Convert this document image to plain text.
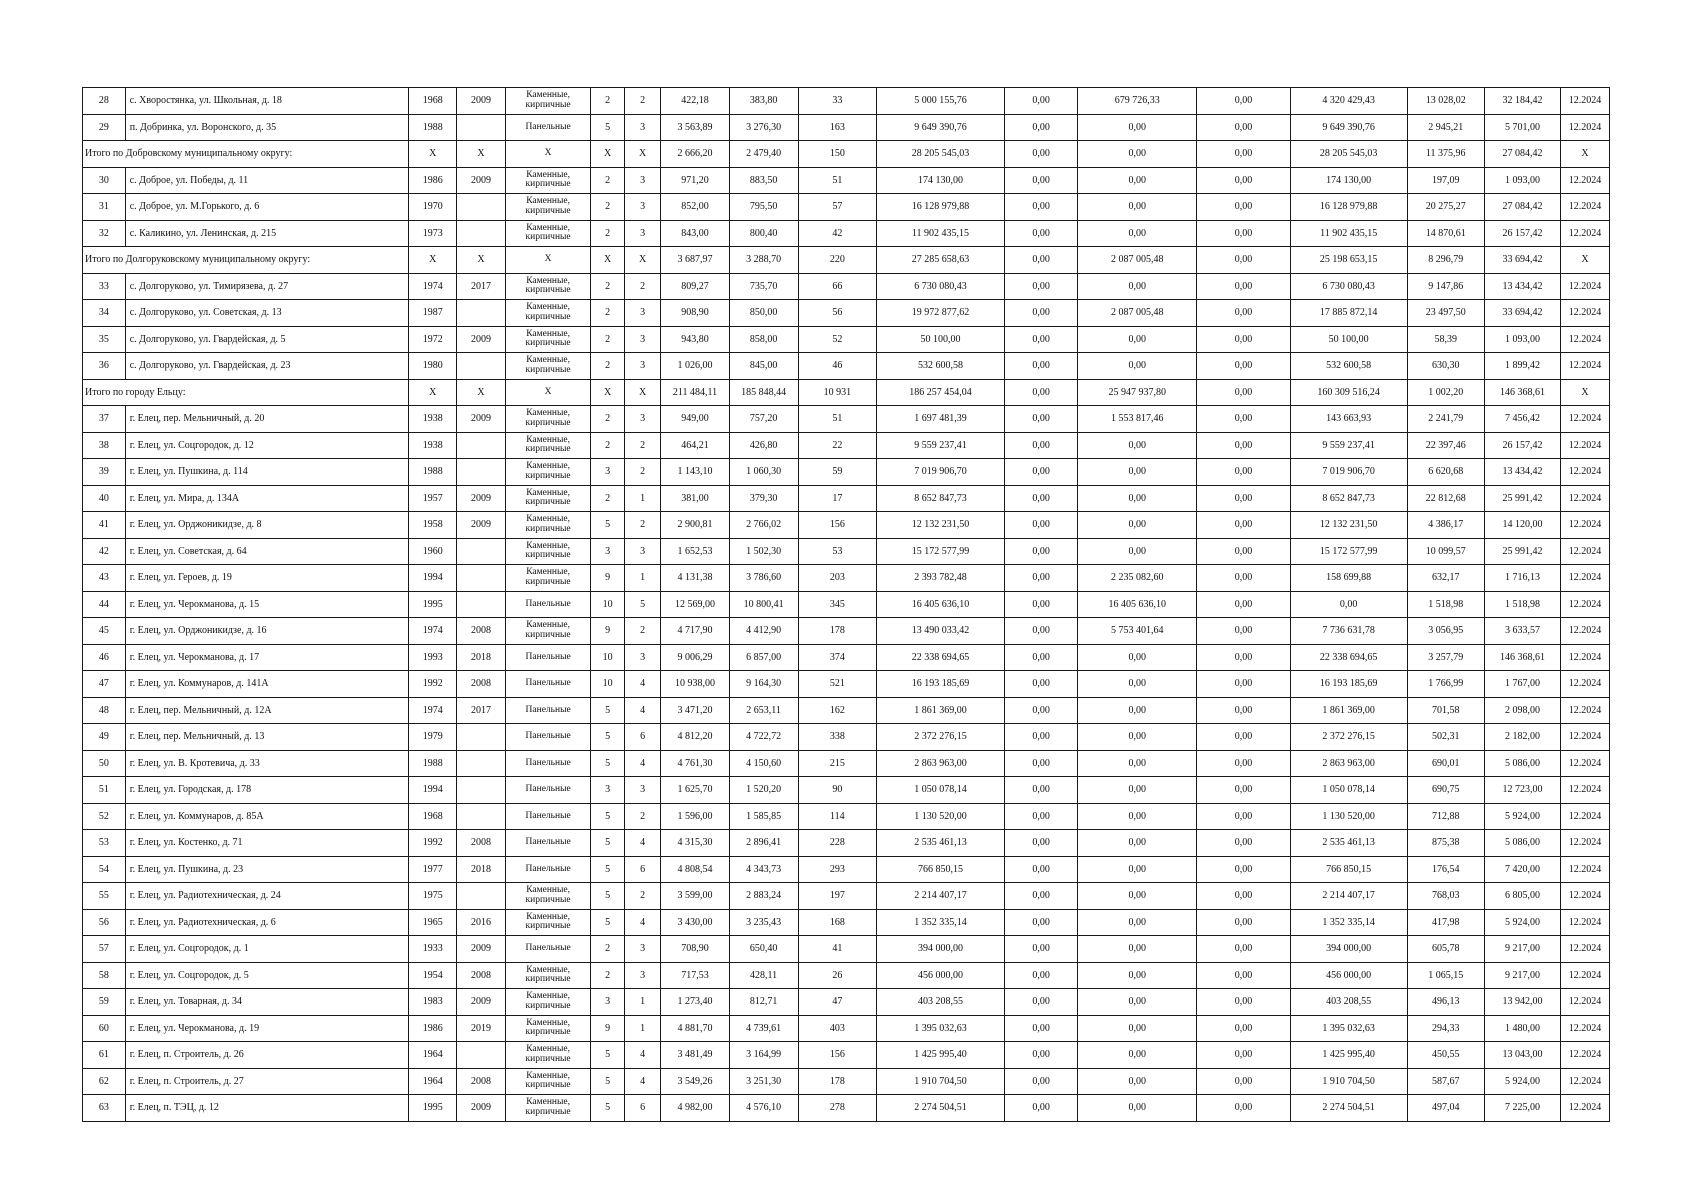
28	с. Хворостянка, ул. Школьная, д. 18	1968	2009	Каменные, кирпичные	2	2	422,18	383,80	33	5 000 155,76	0,00	679 726,33	0,00	4 320 429,43	13 028,02	32 184,42	12.2024
29	п. Добринка, ул. Воронского, д. 35	1988		Панельные	5	3	3 563,89	3 276,30	163	9 649 390,76	0,00	0,00	0,00	9 649 390,76	2 945,21	5 701,00	12.2024
Итого по Добровскому муниципальному округу:		Х	Х	Х	Х	Х	2 666,20	2 479,40	150	28 205 545,03	0,00	0,00	0,00	28 205 545,03	11 375,96	27 084,42	Х
30	с. Доброе, ул. Победы, д. 11	1986	2009	Каменные, кирпичные	2	3	971,20	883,50	51	174 130,00	0,00	0,00	0,00	174 130,00	197,09	1 093,00	12.2024
31	с. Доброе, ул. М.Горького, д. 6	1970		Каменные, кирпичные	2	3	852,00	795,50	57	16 128 979,88	0,00	0,00	0,00	16 128 979,88	20 275,27	27 084,42	12.2024
32	с. Каликино, ул. Ленинская, д. 215	1973		Каменные, кирпичные	2	3	843,00	800,40	42	11 902 435,15	0,00	0,00	0,00	11 902 435,15	14 870,61	26 157,42	12.2024
Итого по Долгоруковскому муниципальному округу:		Х	Х	Х	Х	Х	3 687,97	3 288,70	220	27 285 658,63	0,00	2 087 005,48	0,00	25 198 653,15	8 296,79	33 694,42	Х
33	с. Долгоруково, ул. Тимирязева, д. 27	1974	2017	Каменные, кирпичные	2	2	809,27	735,70	66	6 730 080,43	0,00	0,00	0,00	6 730 080,43	9 147,86	13 434,42	12.2024
34	с. Долгоруково, ул. Советская, д. 13	1987		Каменные, кирпичные	2	3	908,90	850,00	56	19 972 877,62	0,00	2 087 005,48	0,00	17 885 872,14	23 497,50	33 694,42	12.2024
35	с. Долгоруково, ул. Гвардейская, д. 5	1972	2009	Каменные, кирпичные	2	3	943,80	858,00	52	50 100,00	0,00	0,00	0,00	50 100,00	58,39	1 093,00	12.2024
36	с. Долгоруково, ул. Гвардейская, д. 23	1980		Каменные, кирпичные	2	3	1 026,00	845,00	46	532 600,58	0,00	0,00	0,00	532 600,58	630,30	1 899,42	12.2024
Итого по городу Ельцу:		Х	Х	Х	Х	Х	211 484,11	185 848,44	10 931	186 257 454,04	0,00	25 947 937,80	0,00	160 309 516,24	1 002,20	146 368,61	Х
37	г. Елец, пер. Мельничный, д. 20	1938	2009	Каменные, кирпичные	2	3	949,00	757,20	51	1 697 481,39	0,00	1 553 817,46	0,00	143 663,93	2 241,79	7 456,42	12.2024
38	г. Елец, ул. Соцгородок, д. 12	1938		Каменные, кирпичные	2	2	464,21	426,80	22	9 559 237,41	0,00	0,00	0,00	9 559 237,41	22 397,46	26 157,42	12.2024
39	г. Елец, ул. Пушкина, д. 114	1988		Каменные, кирпичные	3	2	1 143,10	1 060,30	59	7 019 906,70	0,00	0,00	0,00	7 019 906,70	6 620,68	13 434,42	12.2024
40	г. Елец, ул. Мира, д. 134А	1957	2009	Каменные, кирпичные	2	1	381,00	379,30	17	8 652 847,73	0,00	0,00	0,00	8 652 847,73	22 812,68	25 991,42	12.2024
41	г. Елец, ул. Орджоникидзе, д. 8	1958	2009	Каменные, кирпичные	5	2	2 900,81	2 766,02	156	12 132 231,50	0,00	0,00	0,00	12 132 231,50	4 386,17	14 120,00	12.2024
42	г. Елец, ул. Советская, д. 64	1960		Каменные, кирпичные	3	3	1 652,53	1 502,30	53	15 172 577,99	0,00	0,00	0,00	15 172 577,99	10 099,57	25 991,42	12.2024
43	г. Елец, ул. Героев, д. 19	1994		Каменные, кирпичные	9	1	4 131,38	3 786,60	203	2 393 782,48	0,00	2 235 082,60	0,00	158 699,88	632,17	1 716,13	12.2024
44	г. Елец, ул. Черокманова, д. 15	1995		Панельные	10	5	12 569,00	10 800,41	345	16 405 636,10	0,00	16 405 636,10	0,00	0,00	1 518,98	1 518,98	12.2024
45	г. Елец, ул. Орджоникидзе, д. 16	1974	2008	Каменные, кирпичные	9	2	4 717,90	4 412,90	178	13 490 033,42	0,00	5 753 401,64	0,00	7 736 631,78	3 056,95	3 633,57	12.2024
46	г. Елец, ул. Черокманова, д. 17	1993	2018	Панельные	10	3	9 006,29	6 857,00	374	22 338 694,65	0,00	0,00	0,00	22 338 694,65	3 257,79	146 368,61	12.2024
47	г. Елец, ул. Коммунаров, д. 141А	1992	2008	Панельные	10	4	10 938,00	9 164,30	521	16 193 185,69	0,00	0,00	0,00	16 193 185,69	1 766,99	1 767,00	12.2024
48	г. Елец, пер. Мельничный, д. 12А	1974	2017	Панельные	5	4	3 471,20	2 653,11	162	1 861 369,00	0,00	0,00	0,00	1 861 369,00	701,58	2 098,00	12.2024
49	г. Елец, пер. Мельничный, д. 13	1979		Панельные	5	6	4 812,20	4 722,72	338	2 372 276,15	0,00	0,00	0,00	2 372 276,15	502,31	2 182,00	12.2024
50	г. Елец, ул. В. Кротевича, д. 33	1988		Панельные	5	4	4 761,30	4 150,60	215	2 863 963,00	0,00	0,00	0,00	2 863 963,00	690,01	5 086,00	12.2024
51	г. Елец, ул. Городская, д. 178	1994		Панельные	3	3	1 625,70	1 520,20	90	1 050 078,14	0,00	0,00	0,00	1 050 078,14	690,75	12 723,00	12.2024
52	г. Елец, ул. Коммунаров, д. 85А	1968		Панельные	5	2	1 596,00	1 585,85	114	1 130 520,00	0,00	0,00	0,00	1 130 520,00	712,88	5 924,00	12.2024
53	г. Елец, ул. Костенко, д. 71	1992	2008	Панельные	5	4	4 315,30	2 896,41	228	2 535 461,13	0,00	0,00	0,00	2 535 461,13	875,38	5 086,00	12.2024
54	г. Елец, ул. Пушкина, д. 23	1977	2018	Панельные	5	6	4 808,54	4 343,73	293	766 850,15	0,00	0,00	0,00	766 850,15	176,54	7 420,00	12.2024
55	г. Елец, ул. Радиотехническая, д. 24	1975		Каменные, кирпичные	5	2	3 599,00	2 883,24	197	2 214 407,17	0,00	0,00	0,00	2 214 407,17	768,03	6 805,00	12.2024
56	г. Елец, ул. Радиотехническая, д. 6	1965	2016	Каменные, кирпичные	5	4	3 430,00	3 235,43	168	1 352 335,14	0,00	0,00	0,00	1 352 335,14	417,98	5 924,00	12.2024
57	г. Елец, ул. Соцгородок, д. 1	1933	2009	Панельные	2	3	708,90	650,40	41	394 000,00	0,00	0,00	0,00	394 000,00	605,78	9 217,00	12.2024
58	г. Елец, ул. Соцгородок, д. 5	1954	2008	Каменные, кирпичные	2	3	717,53	428,11	26	456 000,00	0,00	0,00	0,00	456 000,00	1 065,15	9 217,00	12.2024
59	г. Елец, ул. Товарная, д. 34	1983	2009	Каменные, кирпичные	3	1	1 273,40	812,71	47	403 208,55	0,00	0,00	0,00	403 208,55	496,13	13 942,00	12.2024
60	г. Елец, ул. Черокманова, д. 19	1986	2019	Каменные, кирпичные	9	1	4 881,70	4 739,61	403	1 395 032,63	0,00	0,00	0,00	1 395 032,63	294,33	1 480,00	12.2024
61	г. Елец, п. Строитель, д. 26	1964		Каменные, кирпичные	5	4	3 481,49	3 164,99	156	1 425 995,40	0,00	0,00	0,00	1 425 995,40	450,55	13 043,00	12.2024
62	г. Елец, п. Строитель, д. 27	1964	2008	Каменные, кирпичные	5	4	3 549,26	3 251,30	178	1 910 704,50	0,00	0,00	0,00	1 910 704,50	587,67	5 924,00	12.2024
63	г. Елец, п. ТЭЦ, д. 12	1995	2009	Каменные, кирпичные	5	6	4 982,00	4 576,10	278	2 274 504,51	0,00	0,00	0,00	2 274 504,51	497,04	7 225,00	12.2024
